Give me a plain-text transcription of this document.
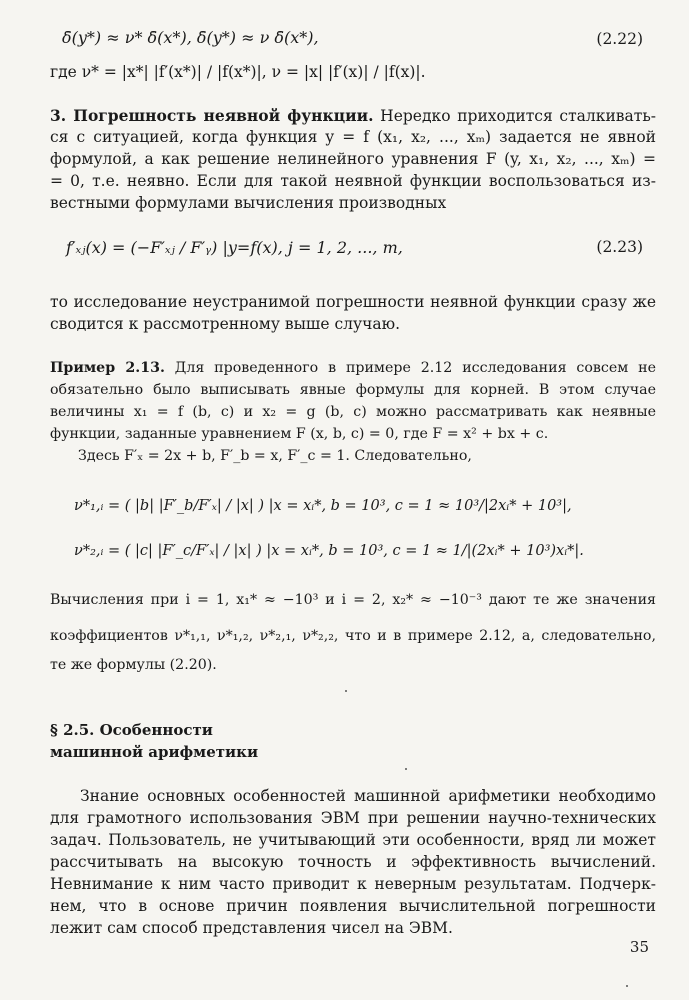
δ̄(y*) ≈ ν* δ̄(x*), δ̄(y*) ≈ ν δ̄(x*),	(2.22)
где ν* = |x*| |f′(x*)| / |f(x*)|, ν = |x| |f′(x)| / |f(x)|.
3. Погрешность неявной функции. Нередко приходится сталкивать-
ся с ситуацией, когда функция y = f (x₁, x₂, ..., xₘ) задается не явной
формулой, а как решение нелинейного уравнения F (y, x₁, x₂, ..., xₘ) =
= 0, т.е. неявно. Если для такой неявной функции воспользоваться из-
вестными формулами вычисления производных
f′ₓⱼ(x) = (−F′ₓⱼ / F′ᵧ) |y=f(x), j = 1, 2, ..., m,	(2.23)
то исследование неустранимой погрешности неявной функции сразу же
сводится к рассмотренному выше случаю.
Пример 2.13. Для проведенного в примере 2.12 исследования совсем не
обязательно было выписывать явные формулы для корней. В этом случае
величины x₁ = f (b, c) и x₂ = g (b, c) можно рассматривать как неявные
функции, заданные уравнением F (x, b, c) = 0, где F = x² + bx + c.
Здесь F′ₓ = 2x + b, F′_b = x, F′_c = 1. Следовательно,
ν*₁,ᵢ = ( |b| |F′_b/F′ₓ| / |x| ) |x = xᵢ*, b = 10³, c = 1 ≈ 10³/|2xᵢ* + 10³|,
ν*₂,ᵢ = ( |c| |F′_c/F′ₓ| / |x| ) |x = xᵢ*, b = 10³, c = 1 ≈ 1/|(2xᵢ* + 10³)xᵢ*|.
Вычисления при i = 1, x₁* ≈ −10³ и i = 2, x₂* ≈ −10⁻³ дают те же значения
коэффициентов ν*₁,₁, ν*₁,₂, ν*₂,₁, ν*₂,₂, что и в примере 2.12, а, следовательно,
те же формулы (2.20).
§ 2.5. Особенности
машинной арифметики
Знание основных особенностей машинной арифметики необходимо
для грамотного использования ЭВМ при решении научно-технических
задач. Пользователь, не учитывающий эти особенности, вряд ли может
рассчитывать на высокую точность и эффективность вычислений.
Невнимание к ним часто приводит к неверным результатам. Подчерк-
нем, что в основе причин появления вычислительной погрешности
лежит сам способ представления чисел на ЭВМ.
35
